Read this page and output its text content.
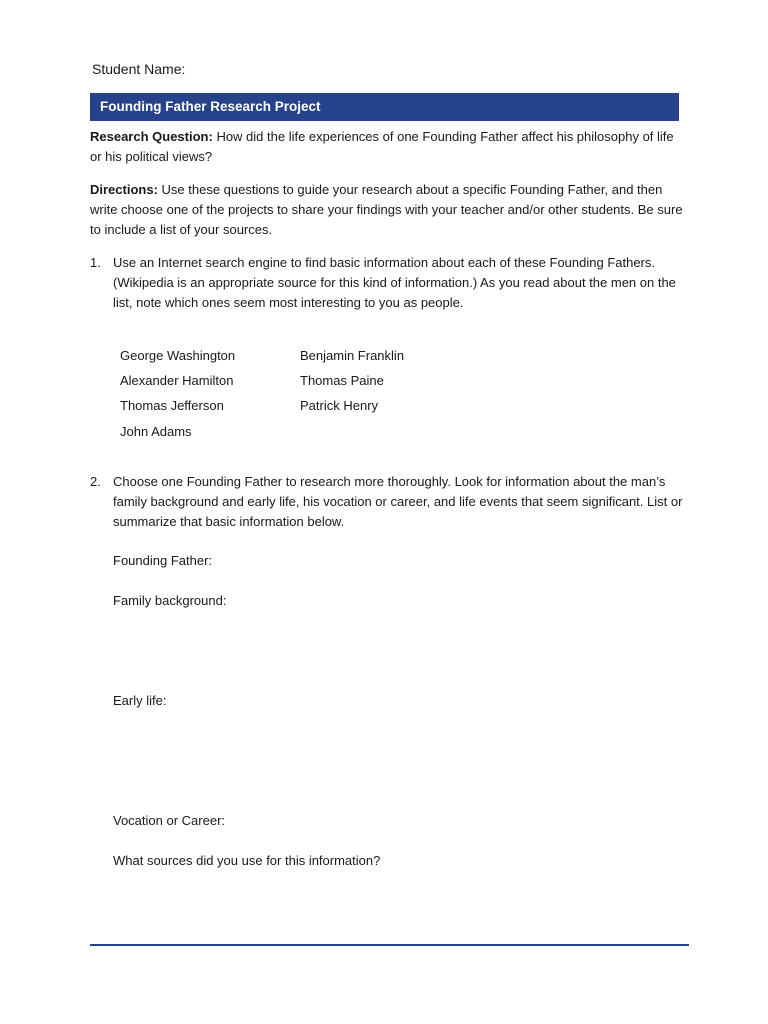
Student Name:
Founding Father Research Project
Research Question: How did the life experiences of one Founding Father affect his philosophy of life or his political views?
Directions: Use these questions to guide your research about a specific Founding Father, and then write choose one of the projects to share your findings with your teacher and/or other students. Be sure to include a list of your sources.
1. Use an Internet search engine to find basic information about each of these Founding Fathers. (Wikipedia is an appropriate source for this kind of information.) As you read about the men on the list, note which ones seem most interesting to you as people.
George Washington
Alexander Hamilton
Thomas Jefferson
John Adams
Benjamin Franklin
Thomas Paine
Patrick Henry
2. Choose one Founding Father to research more thoroughly. Look for information about the man’s family background and early life, his vocation or career, and life events that seem significant. List or summarize that basic information below.
Founding Father:
Family background:
Early life:
Vocation or Career:
What sources did you use for this information?
